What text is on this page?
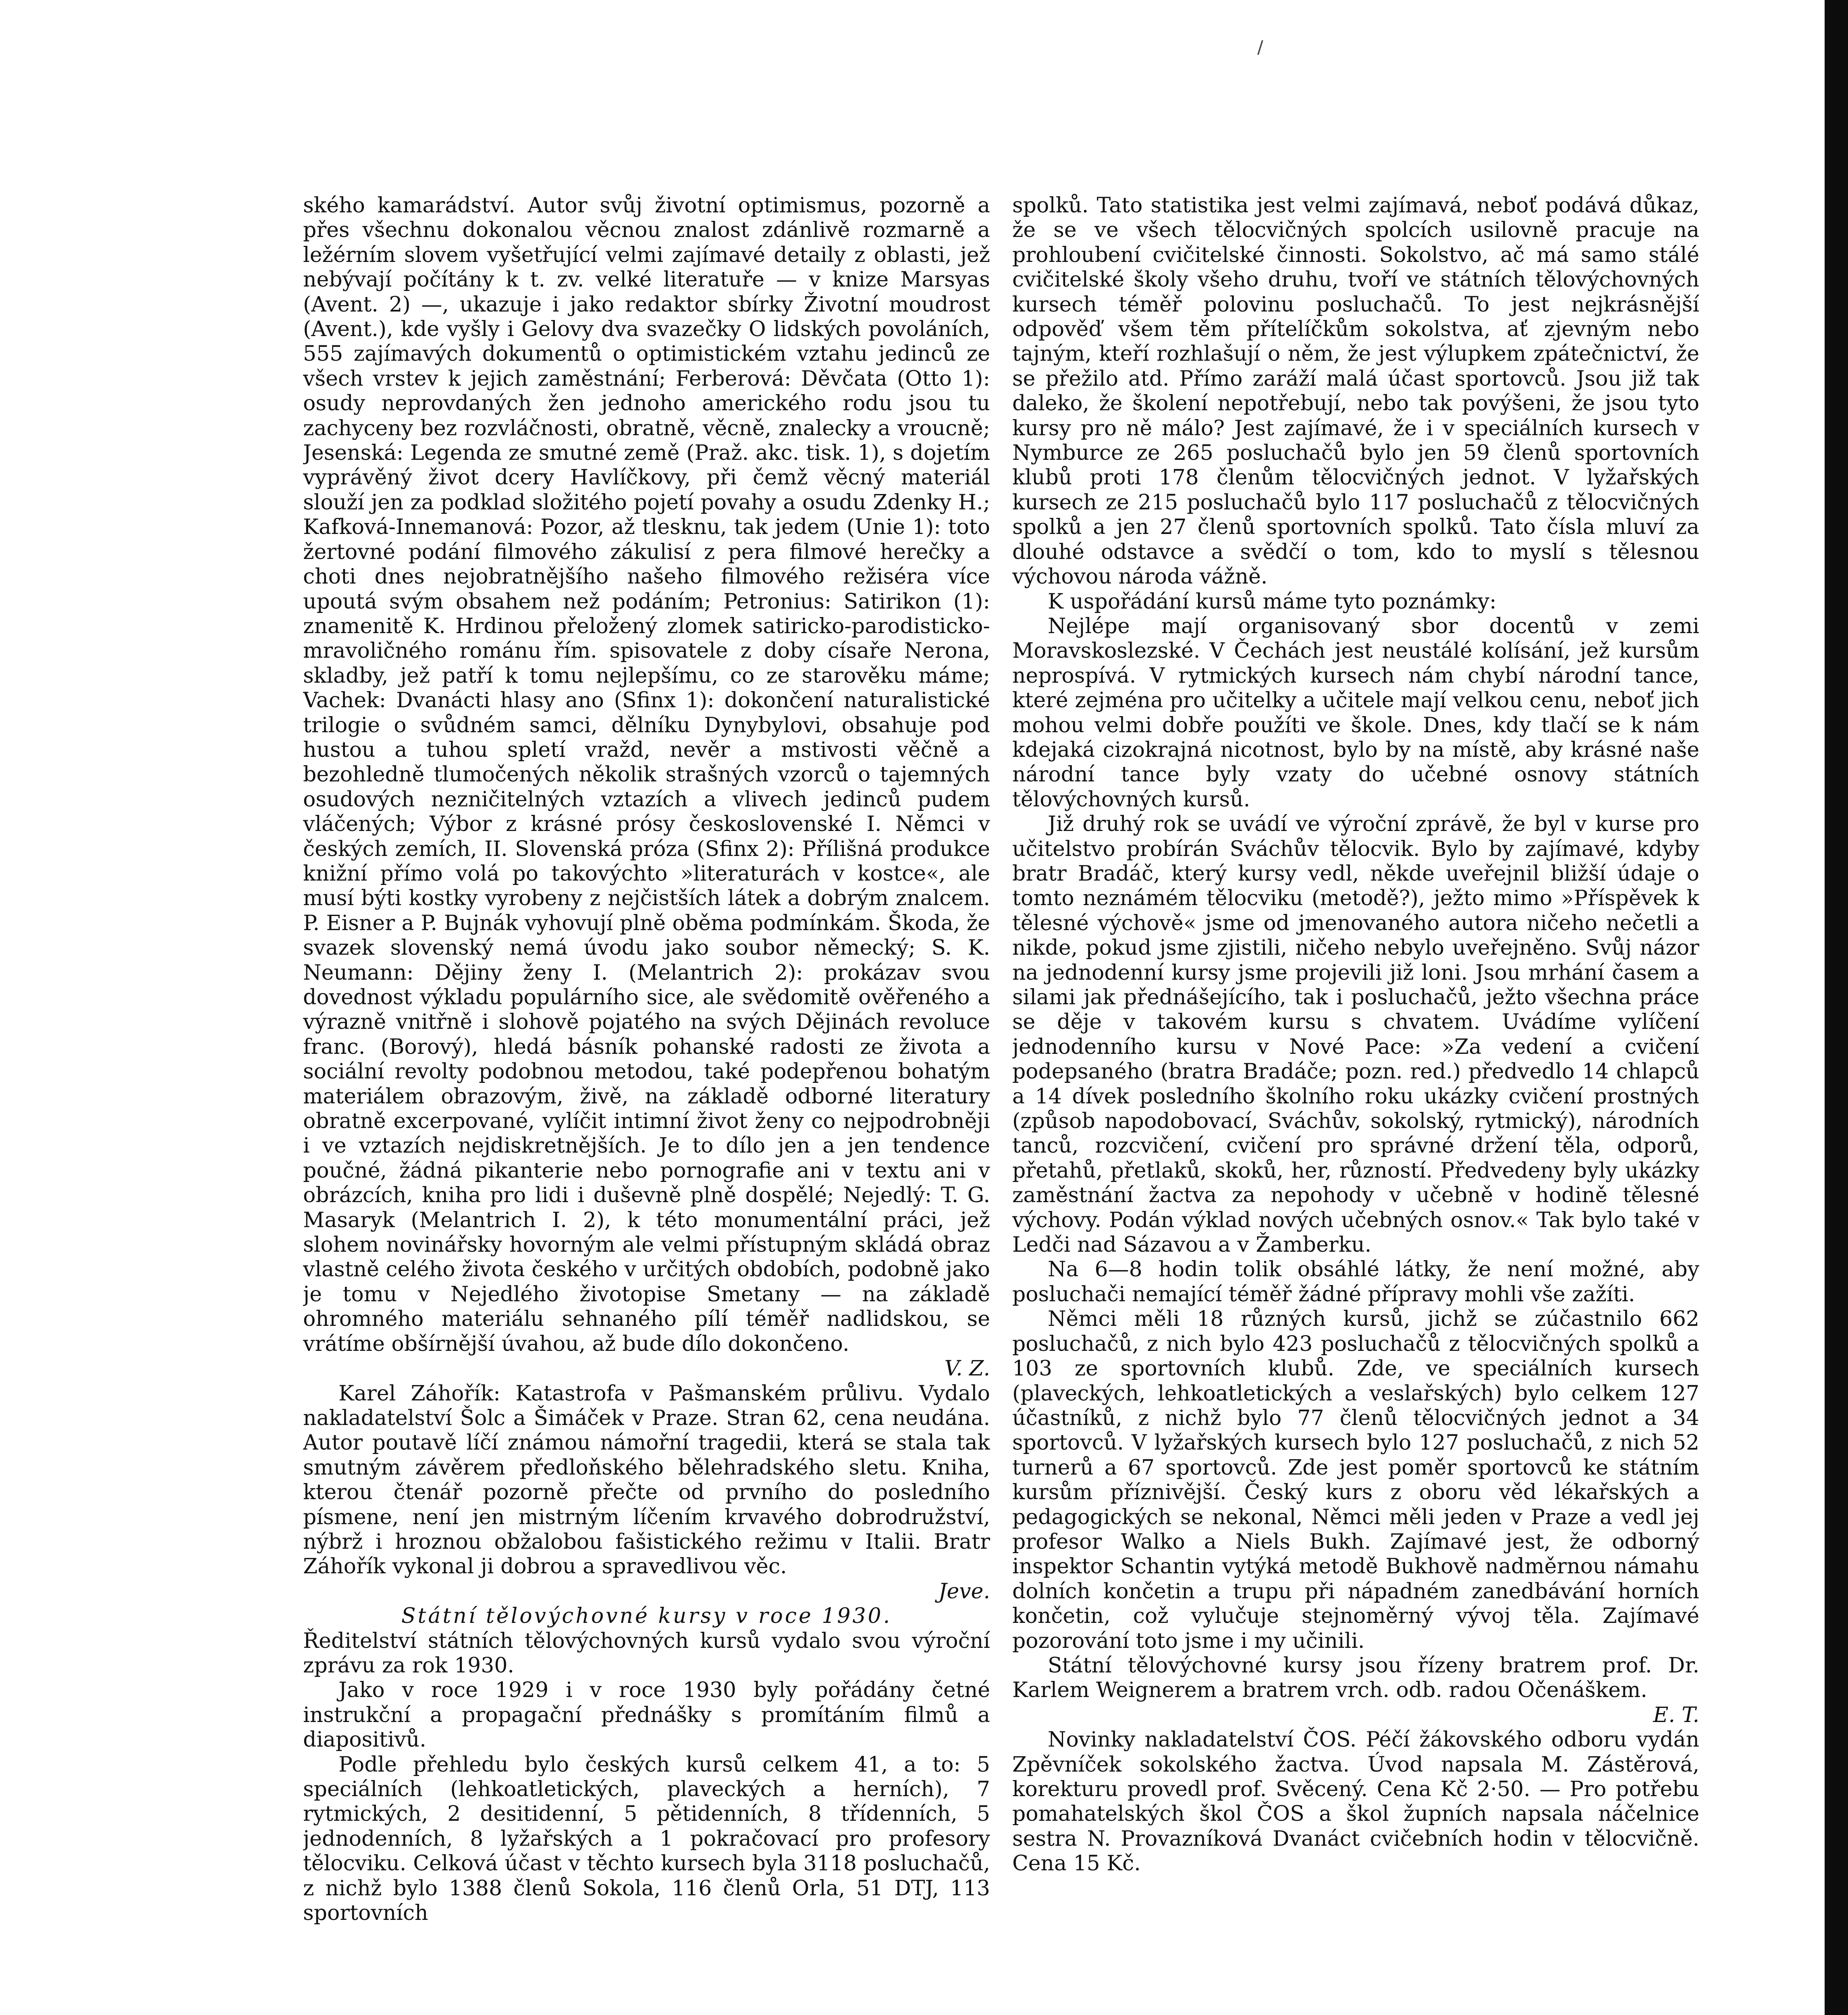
/

ského kamarádství. Autor svůj životní optimismus, pozorně a přes všechnu dokonalou věcnou znalost zdánlivě rozmarně a ležérním slovem vyšetřující velmi zajímavé detaily z oblasti, jež nebývají počítány k t. zv. velké literatuře — v knize Marsyas (Avent. 2) —, ukazuje i jako redaktor sbírky Životní moudrost (Avent.), kde vyšly i Gelovy dva svazečky O lidských povoláních, 555 zajímavých dokumentů o optimistickém vztahu jedinců ze všech vrstev k jejich zaměstnání; Ferberová: Děvčata (Otto 1): osudy neprovdaných žen jednoho amerického rodu jsou tu zachyceny bez rozvláčnosti, obratně, věcně, znalecky a vroucně; Jesenská: Legenda ze smutné země (Praž. akc. tisk. 1), s dojetím vyprávěný život dcery Havlíčkovy, při čemž věcný materiál slouží jen za podklad složitého pojetí povahy a osudu Zdenky H.; Kafková-Innemanová: Pozor, až tlesknu, tak jedem (Unie 1): toto žertovné podání filmového zákulisí z pera filmové herečky a choti dnes nejobratnějšího našeho filmového režiséra více upoutá svým obsahem než podáním; Petronius: Satirikon (1): znamenitě K. Hrdinou přeložený zlomek satiricko-parodisticko-mravoličného románu řím. spisovatele z doby císaře Nerona, skladby, jež patří k tomu nejlepšímu, co ze starověku máme; Vachek: Dvanácti hlasy ano (Sfinx 1): dokončení naturalistické trilogie o svůdném samci, dělníku Dynybylovi, obsahuje pod hustou a tuhou spletí vražd, nevěr a mstivosti věčně a bezohledně tlumočených několik strašných vzorců o tajemných osudových nezničitelných vztazích a vlivech jedinců pudem vláčených; Výbor z krásné prósy československé I. Němci v českých zemích, II. Slovenská próza (Sfinx 2): Přílišná produkce knižní přímo volá po takovýchto »literaturách v kostce«, ale musí býti kostky vyrobeny z nejčistších látek a dobrým znalcem. P. Eisner a P. Bujnák vyhovují plně oběma podmínkám. Škoda, že svazek slovenský nemá úvodu jako soubor německý; S. K. Neumann: Dějiny ženy I. (Melantrich 2): prokázav svou dovednost výkladu populárního sice, ale svědomitě ověřeného a výrazně vnitřně i slohově pojatého na svých Dějinách revoluce franc. (Borový), hledá básník pohanské radosti ze života a sociální revolty podobnou metodou, také podepřenou bohatým materiálem obrazovým, živě, na základě odborné literatury obratně excerpované, vylíčit intimní život ženy co nejpodrobněji i ve vztazích nejdiskretnějších. Je to dílo jen a jen tendence poučné, žádná pikanterie nebo pornografie ani v textu ani v obrázcích, kniha pro lidi i duševně plně dospělé; Nejedlý: T. G. Masaryk (Melantrich I. 2), k této monumentální práci, jež slohem novinářsky hovorným ale velmi přístupným skládá obraz vlastně celého života českého v určitých obdobích, podobně jako je tomu v Nejedlého životopise Smetany — na základě ohromného materiálu sehnaného pílí téměř nadlidskou, se vrátíme obšírnější úvahou, až bude dílo dokončeno.

V. Z.

Karel Záhořík: Katastrofa v Pašmanském průlivu. Vydalo nakladatelství Šolc a Šimáček v Praze. Stran 62, cena neudána. Autor poutavě líčí známou námořní tragedii, která se stala tak smutným závěrem předloňského bělehradského sletu. Kniha, kterou čtenář pozorně přečte od prvního do posledního písmene, není jen mistrným líčením krvavého dobrodružství, nýbrž i hroznou obžalobou fašistického režimu v Italii. Bratr Záhořík vykonal ji dobrou a spravedlivou věc.

Jeve.

Státní tělovýchovné kursy v roce 1930.

Ředitelství státních tělovýchovných kursů vydalo svou výroční zprávu za rok 1930.

Jako v roce 1929 i v roce 1930 byly pořádány četné instrukční a propagační přednášky s promítáním filmů a diapositivů.

Podle přehledu bylo českých kursů celkem 41, a to: 5 speciálních (lehkoatletických, plaveckých a herních), 7 rytmických, 2 desitidenní, 5 pětidenních, 8 třídenních, 5 jednodenních, 8 lyžařských a 1 pokračovací pro profesory tělocviku. Celková účast v těchto kursech byla 3118 posluchačů, z nichž bylo 1388 členů Sokola, 116 členů Orla, 51 DTJ, 113 sportovních

spolků. Tato statistika jest velmi zajímavá, neboť podává důkaz, že se ve všech tělocvičných spolcích usilovně pracuje na prohloubení cvičitelské činnosti. Sokolstvo, ač má samo stálé cvičitelské školy všeho druhu, tvoří ve státních tělovýchovných kursech téměř polovinu posluchačů. To jest nejkrásnější odpověď všem těm přítelíčkům sokolstva, ať zjevným nebo tajným, kteří rozhlašují o něm, že jest výlupkem zpátečnictví, že se přežilo atd. Přímo zaráží malá účast sportovců. Jsou již tak daleko, že školení nepotřebují, nebo tak povýšeni, že jsou tyto kursy pro ně málo? Jest zajímavé, že i v speciálních kursech v Nymburce ze 265 posluchačů bylo jen 59 členů sportovních klubů proti 178 členům tělocvičných jednot. V lyžařských kursech ze 215 posluchačů bylo 117 posluchačů z tělocvičných spolků a jen 27 členů sportovních spolků. Tato čísla mluví za dlouhé odstavce a svědčí o tom, kdo to myslí s tělesnou výchovou národa vážně.

K uspořádání kursů máme tyto poznámky:

Nejlépe mají organisovaný sbor docentů v zemi Moravskoslezské. V Čechách jest neustálé kolísání, jež kursům neprospívá. V rytmických kursech nám chybí národní tance, které zejména pro učitelky a učitele mají velkou cenu, neboť jich mohou velmi dobře použíti ve škole. Dnes, kdy tlačí se k nám kdejaká cizokrajná nicotnost, bylo by na místě, aby krásné naše národní tance byly vzaty do učebné osnovy státních tělovýchovných kursů.

Již druhý rok se uvádí ve výroční zprávě, že byl v kurse pro učitelstvo probírán Sváchův tělocvik. Bylo by zajímavé, kdyby bratr Bradáč, který kursy vedl, někde uveřejnil bližší údaje o tomto neznámém tělocviku (metodě?), ježto mimo »Příspěvek k tělesné výchově« jsme od jmenovaného autora ničeho nečetli a nikde, pokud jsme zjistili, ničeho nebylo uveřejněno. Svůj názor na jednodenní kursy jsme projevili již loni. Jsou mrhání časem a silami jak přednášejícího, tak i posluchačů, ježto všechna práce se děje v takovém kursu s chvatem. Uvádíme vylíčení jednodenního kursu v Nové Pace: »Za vedení a cvičení podepsaného (bratra Bradáče; pozn. red.) předvedlo 14 chlapců a 14 dívek posledního školního roku ukázky cvičení prostných (způsob napodobovací, Sváchův, sokolský, rytmický), národních tanců, rozcvičení, cvičení pro správné držení těla, odporů, přetahů, přetlaků, skoků, her, růzností. Předvedeny byly ukázky zaměstnání žactva za nepohody v učebně v hodině tělesné výchovy. Podán výklad nových učebných osnov.« Tak bylo také v Ledči nad Sázavou a v Žamberku.

Na 6—8 hodin tolik obsáhlé látky, že není možné, aby posluchači nemající téměř žádné přípravy mohli vše zažíti.

Němci měli 18 různých kursů, jichž se zúčastnilo 662 posluchačů, z nich bylo 423 posluchačů z tělocvičných spolků a 103 ze sportovních klubů. Zde, ve speciálních kursech (plaveckých, lehkoatletických a veslařských) bylo celkem 127 účastníků, z nichž bylo 77 členů tělocvičných jednot a 34 sportovců. V lyžařských kursech bylo 127 posluchačů, z nich 52 turnerů a 67 sportovců. Zde jest poměr sportovců ke státním kursům příznivější. Český kurs z oboru věd lékařských a pedagogických se nekonal, Němci měli jeden v Praze a vedl jej profesor Walko a Niels Bukh. Zajímavé jest, že odborný inspektor Schantin vytýká metodě Bukhově nadměrnou námahu dolních končetin a trupu při nápadném zanedbávání horních končetin, což vylučuje stejnoměrný vývoj těla. Zajímavé pozorování toto jsme i my učinili.

Státní tělovýchovné kursy jsou řízeny bratrem prof. Dr. Karlem Weignerem a bratrem vrch. odb. radou Očenáškem.

E. T.

Novinky nakladatelství ČOS. Péčí žákovského odboru vydán Zpěvníček sokolského žactva. Úvod napsala M. Zástěrová, korekturu provedl prof. Svěcený. Cena Kč 2·50. — Pro potřebu pomahatelských škol ČOS a škol župních napsala náčelnice sestra N. Provazníková Dvanáct cvičebních hodin v tělocvičně. Cena 15 Kč.
